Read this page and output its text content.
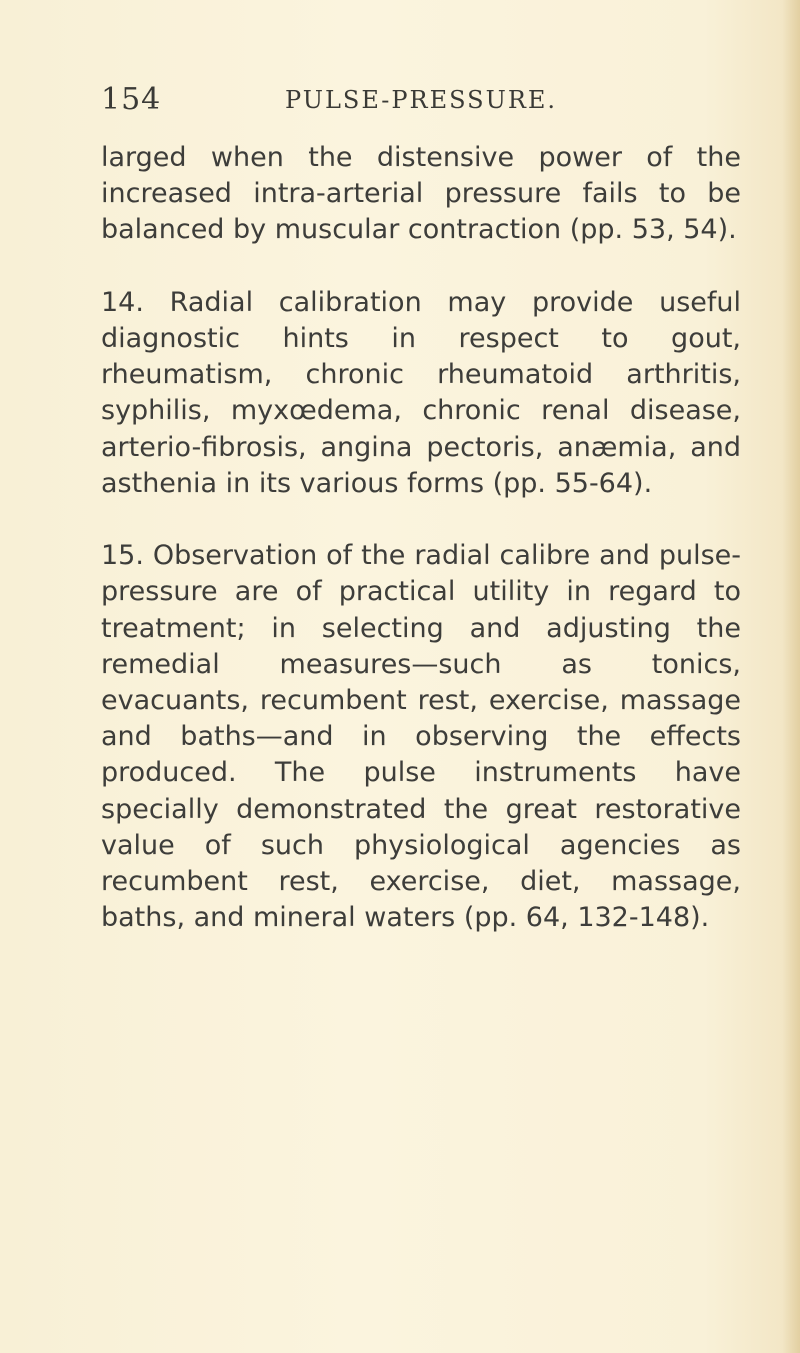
154	PULSE-PRESSURE.

larged when the distensive power of the increased intra-arterial pressure fails to be balanced by muscular contraction (pp. 53, 54).

14. Radial calibration may provide useful diagnostic hints in respect to gout, rheumatism, chronic rheumatoid arthritis, syphilis, myxœdema, chronic renal disease, arterio-fibrosis, angina pectoris, anæmia, and asthenia in its various forms (pp. 55-64).

15. Observation of the radial calibre and pulse-pressure are of practical utility in regard to treatment; in selecting and adjusting the remedial measures—such as tonics, evacuants, recumbent rest, exercise, massage and baths—and in observing the effects produced. The pulse instruments have specially demonstrated the great restorative value of such physiological agencies as recumbent rest, exercise, diet, massage, baths, and mineral waters (pp. 64, 132-148).
